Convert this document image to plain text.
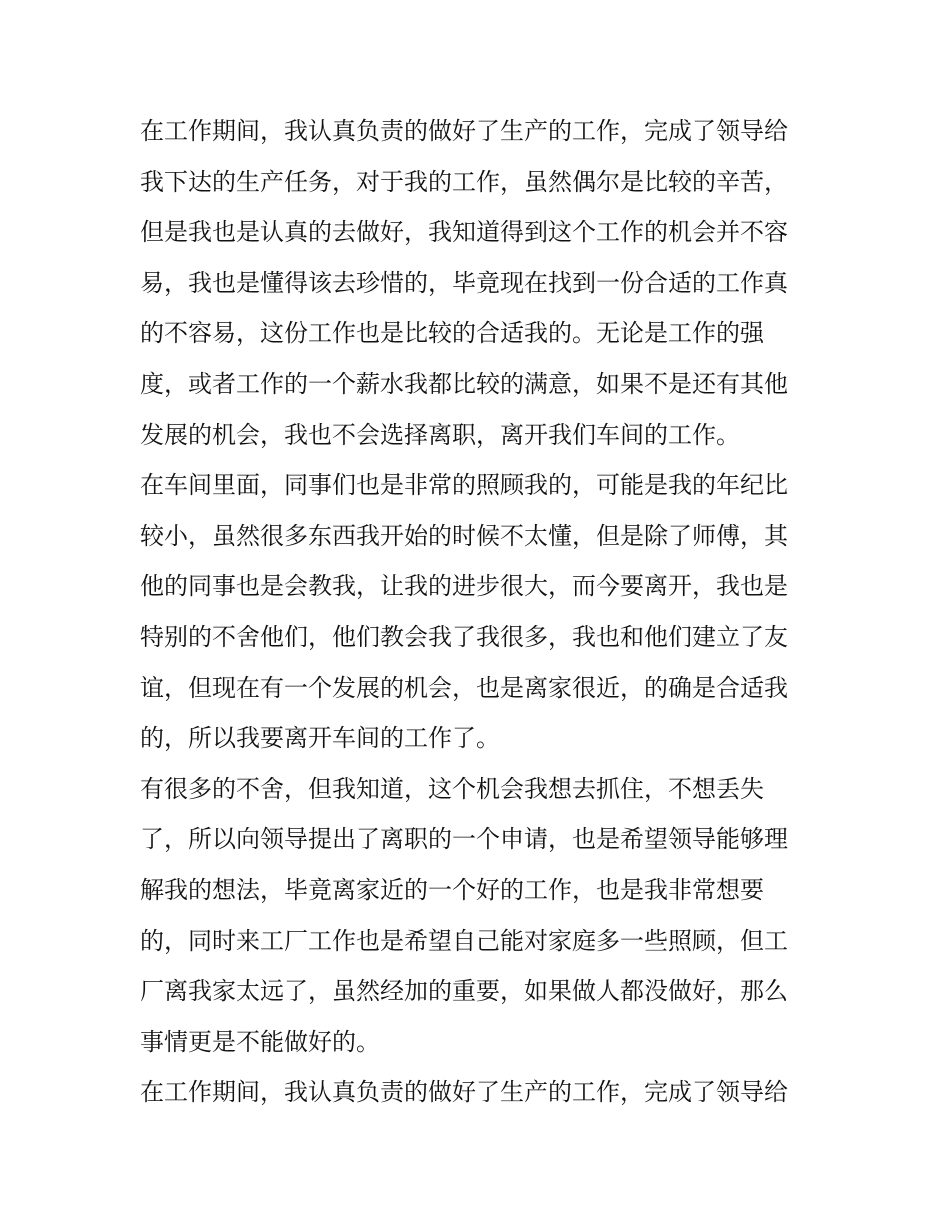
在工作期间，我认真负责的做好了生产的工作，完成了领导给
我下达的生产任务，对于我的工作，虽然偶尔是比较的辛苦，
但是我也是认真的去做好，我知道得到这个工作的机会并不容
易，我也是懂得该去珍惜的，毕竟现在找到一份合适的工作真
的不容易，这份工作也是比较的合适我的。无论是工作的强
度，或者工作的一个薪水我都比较的满意，如果不是还有其他
发展的机会，我也不会选择离职，离开我们车间的工作。
在车间里面，同事们也是非常的照顾我的，可能是我的年纪比
较小，虽然很多东西我开始的时候不太懂，但是除了师傅，其
他的同事也是会教我，让我的进步很大，而今要离开，我也是
特别的不舍他们，他们教会我了我很多，我也和他们建立了友
谊，但现在有一个发展的机会，也是离家很近，的确是合适我
的，所以我要离开车间的工作了。
有很多的不舍，但我知道，这个机会我想去抓住，不想丢失
了，所以向领导提出了离职的一个申请，也是希望领导能够理
解我的想法，毕竟离家近的一个好的工作，也是我非常想要
的，同时来工厂工作也是希望自己能对家庭多一些照顾，但工
厂离我家太远了，虽然经加的重要，如果做人都没做好，那么
事情更是不能做好的。
在工作期间，我认真负责的做好了生产的工作，完成了领导给
